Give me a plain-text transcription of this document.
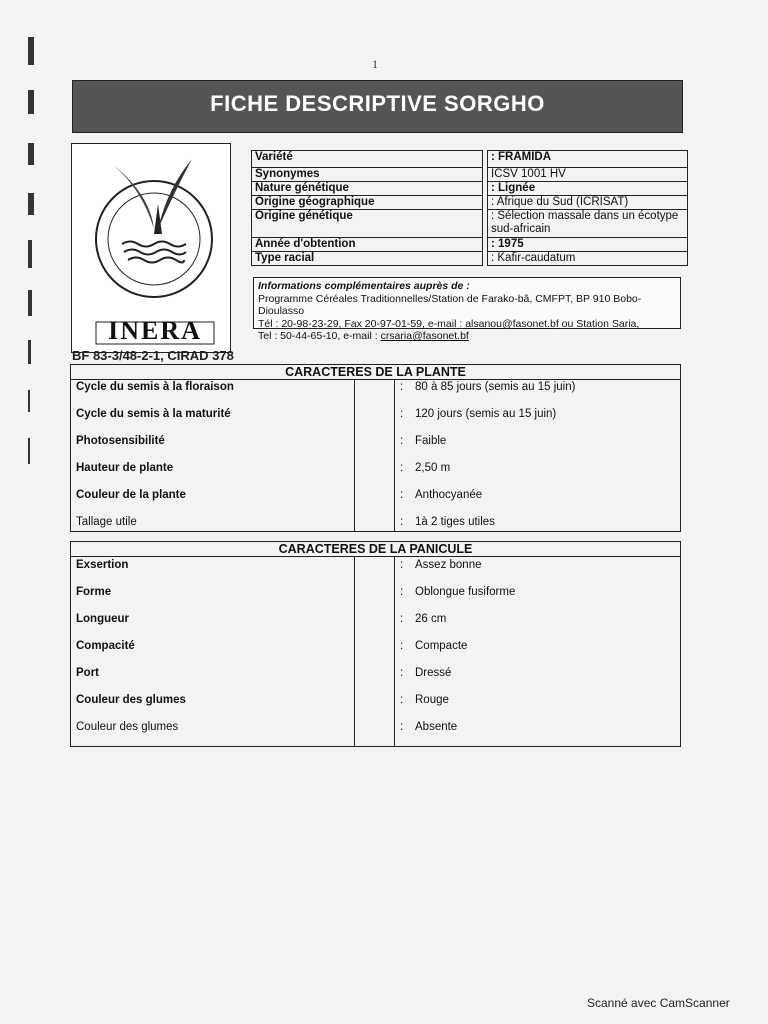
1
FICHE DESCRIPTIVE SORGHO
INERA
Variété		: FRAMIDA
Synonymes		ICSV 1001 HV
Nature génétique		: Lignée
Origine géographique		: Afrique du Sud (ICRISAT)
Origine génétique		: Sélection massale dans un écotype sud-africain
Année d'obtention		: 1975
Type racial		: Kafir-caudatum
Informations complémentaires auprès de :
Programme Céréales Traditionnelles/Station de Farako-bâ, CMFPT, BP 910 Bobo-Dioulasso
Tél : 20-98-23-29, Fax 20-97-01-59, e-mail : alsanou@fasonet.bf ou Station Saria,
Tel : 50-44-65-10, e-mail : crsaria@fasonet.bf
BF 83-3/48-2-1, CIRAD 378
CARACTERES DE LA PLANTE
Cycle du semis à la floraison	: 80 à 85 jours (semis au 15 juin)
Cycle du semis à la maturité	: 120 jours (semis au 15 juin)
Photosensibilité	: Faible
Hauteur de plante	: 2,50 m
Couleur de la plante	: Anthocyanée
Tallage utile	: 1à 2 tiges utiles
CARACTERES DE LA PANICULE
Exsertion	: Assez bonne
Forme	: Oblongue fusiforme
Longueur	: 26 cm
Compacité	: Compacte
Port	: Dressé
Couleur des glumes	: Rouge
Couleur des glumes	: Absente
Scanné avec CamScanner
